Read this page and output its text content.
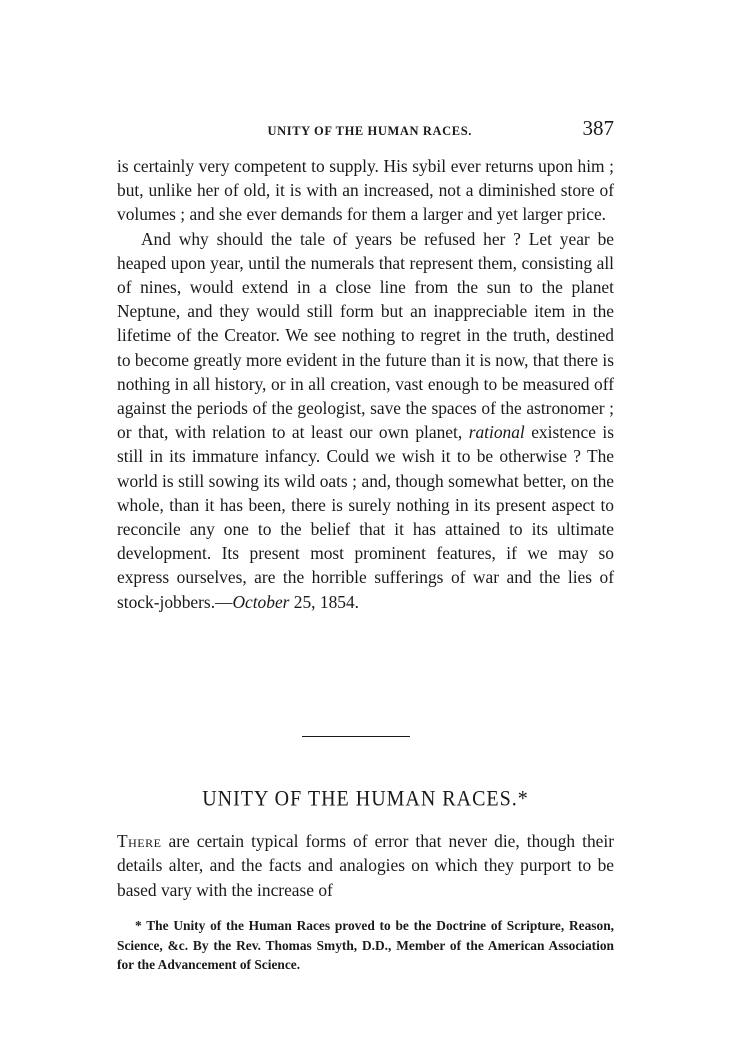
UNITY OF THE HUMAN RACES.	387

is certainly very competent to supply. His sybil ever returns upon him ; but, unlike her of old, it is with an increased, not a diminished store of volumes ; and she ever demands for them a larger and yet larger price.

And why should the tale of years be refused her ? Let year be heaped upon year, until the numerals that represent them, consisting all of nines, would extend in a close line from the sun to the planet Neptune, and they would still form but an inappreciable item in the lifetime of the Creator. We see nothing to regret in the truth, destined to become greatly more evident in the future than it is now, that there is nothing in all history, or in all creation, vast enough to be measured off against the periods of the geologist, save the spaces of the astronomer ; or that, with relation to at least our own planet, rational existence is still in its immature infancy. Could we wish it to be otherwise ? The world is still sowing its wild oats ; and, though somewhat better, on the whole, than it has been, there is surely nothing in its present aspect to reconcile any one to the belief that it has attained to its ultimate development. Its present most prominent features, if we may so express ourselves, are the horrible sufferings of war and the lies of stock-jobbers.—October 25, 1854.

UNITY OF THE HUMAN RACES.*

There are certain typical forms of error that never die, though their details alter, and the facts and analogies on which they purport to be based vary with the increase of

* The Unity of the Human Races proved to be the Doctrine of Scripture, Reason, Science, &c. By the Rev. Thomas Smyth, D.D., Member of the American Association for the Advancement of Science.
